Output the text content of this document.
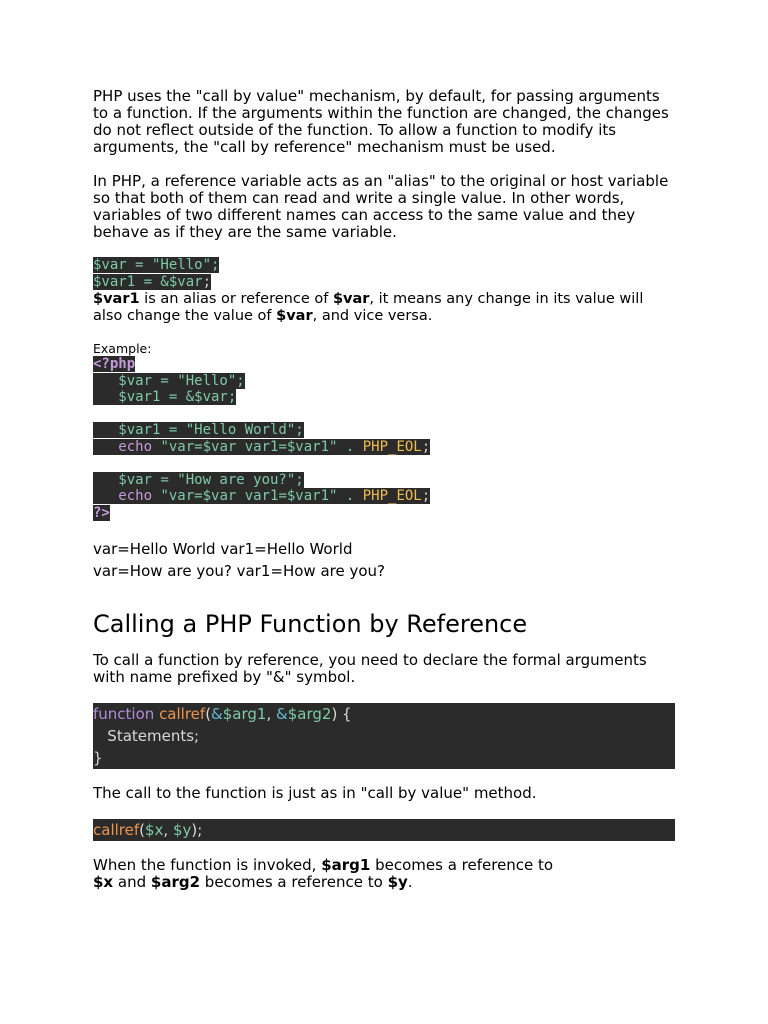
PHP uses the "call by value" mechanism, by default, for passing arguments to a function. If the arguments within the function are changed, the changes do not reflect outside of the function. To allow a function to modify its arguments, the "call by reference" mechanism must be used.

In PHP, a reference variable acts as an "alias" to the original or host variable so that both of them can read and write a single value. In other words, variables of two different names can access to the same value and they behave as if they are the same variable.

$var = "Hello";
$var1 = &$var;

$var1 is an alias or reference of $var, it means any change in its value will also change the value of $var, and vice versa.

Example:

<?php
$var = "Hello";
$var1 = &$var;

$var1 = "Hello World";
echo "var=$var var1=$var1" . PHP_EOL;

$var = "How are you?";
echo "var=$var var1=$var1" . PHP_EOL;
?>

var=Hello World var1=Hello World

var=How are you? var1=How are you?

Calling a PHP Function by Reference

To call a function by reference, you need to declare the formal arguments with name prefixed by "&" symbol.

function callref(&$arg1, &$arg2) {
Statements;
}

The call to the function is just as in "call by value" method.

callref($x, $y);

When the function is invoked, $arg1 becomes a reference to $x and $arg2 becomes a reference to $y.
